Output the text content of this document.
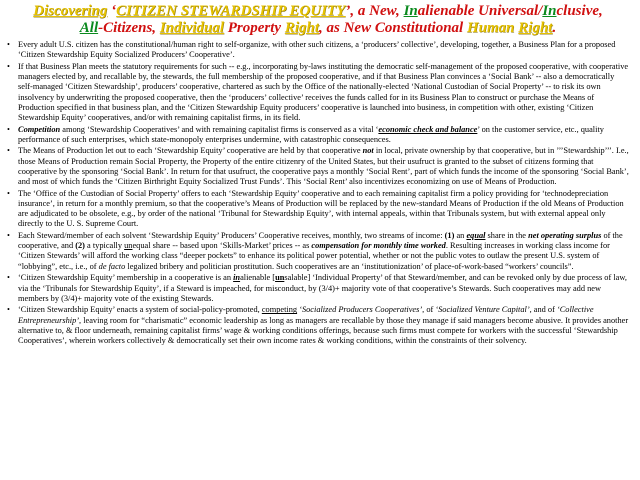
Discovering ‘CITIZEN STEWARDSHIP EQUITY’, a New, Inalienable Universal/Inclusive,
All-Citizens, Individual Property Right, as New Constitutional Human Right.
• Every adult U.S. citizen has the constitutional/human right to self-organize, with other such citizens, a ‘producers’ collective’, developing, together, a Business Plan for a proposed ‘Citizen Stewardship Equity Socialized Producers’ Cooperative’.
• If that Business Plan meets the statutory requirements for such -- e.g., incorporating by-laws instituting the democratic self-management of the proposed cooperative, with cooperative managers elected by, and recallable by, the stewards, the full membership of the proposed cooperative, and if that Business Plan convinces a ‘Social Bank’ -- also a democratically self-managed ‘Citizen Stewardship’, producers’ cooperative, chartered as such by the Office of the nationally-elected ‘National Custodian of Social Property’ -- to risk its own insolvency by underwriting the proposed cooperative, then the ‘producers’ collective’ receives the funds called for in its Business Plan to construct or purchase the Means of Production specified in that business plan, and the ‘Citizen Stewardship Equity producers’ cooperative is launched into business, in competition with other, existing ‘Citizen Stewardship Equity’ cooperatives, and/or with remaining capitalist firms, in its field.
• Competition among ‘Stewardship Cooperatives’ and with remaining capitalist firms is conserved as a vital ‘economic check and balance’ on the customer service, etc., quality performance of such enterprises, which state-monopoly enterprises undermine, with catastrophic consequences.
• The Means of Production let out to each ‘Stewardship Equity’ cooperative are held by that cooperative not in local, private ownership by that cooperative, but in ’’’Stewardship’’’. I.e., those Means of Production remain Social Property, the Property of the entire citizenry of the United States, but their usufruct is granted to the subset of citizens forming that cooperative by the sponsoring ‘Social Bank’. In return for that usufruct, the cooperative pays a monthly ‘Social Rent’, part of which funds the income of the sponsoring ‘Social Bank’, and most of which funds the ‘Citizen Birthright Equity Socialized Trust Funds’. This ‘Social Rent’ also incentivizes economizing on use of Means of Production.
• The ‘Office of the Custodian of Social Property’ offers to each ‘Stewardship Equity’ cooperative and to each remaining capitalist firm a policy providing for ‘technodepreciation insurance’, in return for a monthly premium, so that the cooperative’s Means of Production will be replaced by the new-standard Means of Production if the old Means of Production are adjudicated to be obsolete, e.g., by order of the national ‘Tribunal for Stewardship Equity’, with internal appeals, within that Tribunals system, but with external appeal only directly to the U. S. Supreme Court.
• Each Steward/member of each solvent ‘Stewardship Equity’ Producers’ Cooperative receives, monthly, two streams of income: (1) an equal share in the net operating surplus of the cooperative, and (2) a typically unequal share -- based upon ‘Skills-Market’ prices -- as compensation for monthly time worked. Resulting increases in working class income for ‘Citizen Stewards’ will afford the working class “deeper pockets” to enhance its political power potential, whether or not the public votes to outlaw the present U.S. system of “lobbying”, etc., i.e., of de facto legalized bribery and politician prostitution. Such cooperatives are an ‘institutionization’ of place-of-work-based “workers’ councils”.
• ‘Citizen Stewardship Equity’ membership in a cooperative is an inalienable [unsalable] ‘Individual Property’ of that Steward/member, and can be revoked only by due process of law, via the ‘Tribunals for Stewardship Equity’, if a Steward is impeached, for misconduct, by (3/4)+ majority vote of that cooperative’s Stewards. Such cooperatives may add new members by (3/4)+ majority vote of the existing Stewards.
• ‘Citizen Stewardship Equity’ enacts a system of social-policy-promoted, competing ‘Socialized Producers Cooperatives’, of ‘Socialized Venture Capital’, and of ‘Collective Entrepreneurship’, leaving room for “charismatic” economic leadership as long as managers are recallable by those they manage if said managers become abusive. It provides another alternative to, & floor underneath, remaining capitalist firms’ wage & working conditions offerings, because such firms must compete for workers with the successful ‘Stewardship Cooperatives’, wherein workers collectively & democratically set their own income rates & working conditions, within the constraints of their solvency.
